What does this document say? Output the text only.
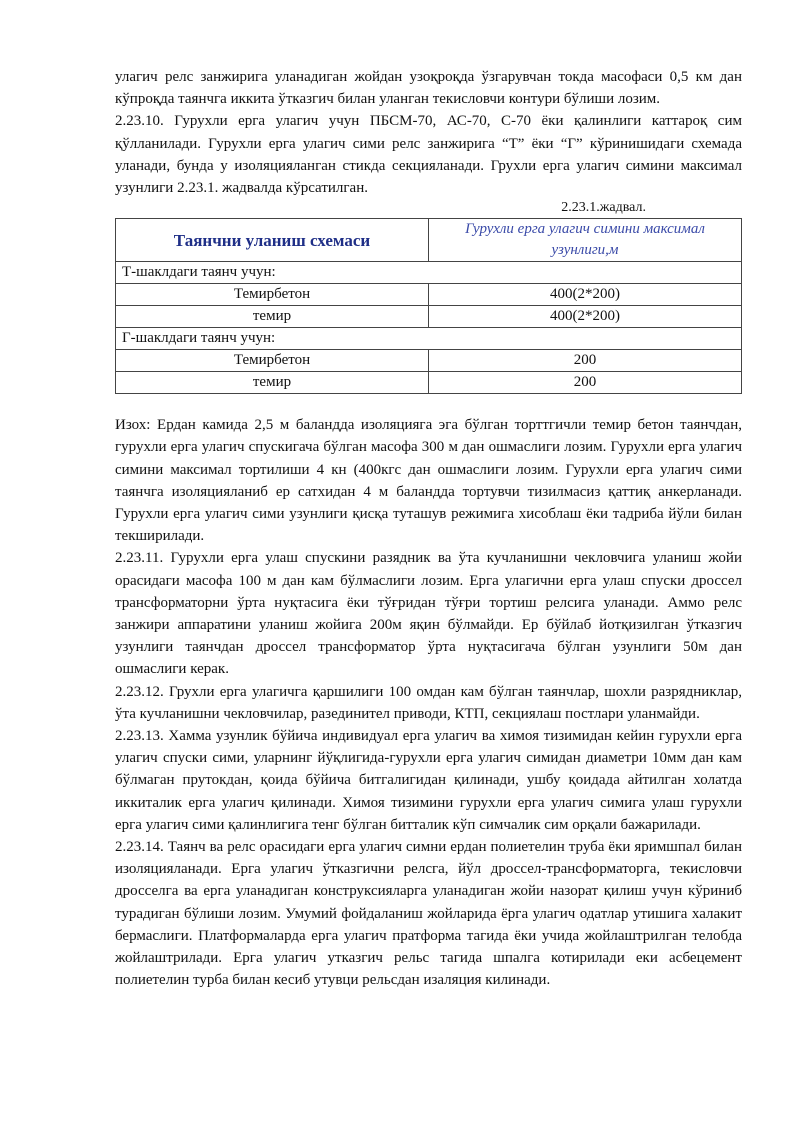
улагич релс занжирига уланадиган жойдан узоқроқда ўзгарувчан токда масофаси 0,5 км дан кўпроқда таянчга иккита ўтказгич билан уланган текисловчи контури бўлиши лозим.

2.23.10. Гурухли ерга улагич учун ПБСМ-70, АС-70, С-70 ёки қалинлиги каттароқ сим қўлланилади. Гурухли ерга улагич сими релс занжирига “Т” ёки “Г” кўринишидаги схемада уланади, бунда у изоляцияланган стикда секцияланади. Грухли ерга улагич симини максимал узунлиги 2.23.1. жадвалда кўрсатилган.

2.23.1.жадвал.
Таянчни уланиш схемаси	Гурухли ерга улагич симини максимал узунлиги,м
Т-шаклдаги таянч учун:	
Темирбетон	400(2*200)
темир	400(2*200)
Г-шаклдаги таянч учун:	
Темирбетон	200
темир	200

Изох: Ердан камида 2,5 м баландда изоляцияга эга бўлган торттгичли темир бетон таянчдан, гурухли ерга улагич спускигача бўлган масофа 300 м дан ошмаслиги лозим. Гурухли ерга улагич симини максимал тортилиши 4 кн (400кгс дан ошмаслиги лозим. Гурухли ерга улагич сими таянчга изоляцияланиб ер сатхидан 4 м баландда тортувчи тизилмасиз қаттиқ анкерланади. Гурухли ерга улагич сими узунлиги қисқа туташув режимига хисоблаш ёки тадриба йўли билан текширилади.

2.23.11. Гурухли ерга улаш спускини разядник ва ўта кучланишни чекловчига уланиш жойи орасидаги масофа 100 м дан кам бўлмаслиги лозим. Ерга улагични ерга улаш спуски дроссел трансформаторни ўрта нуқтасига ёки тўғридан тўғри тортиш релсига уланади. Аммо релс занжири аппаратини уланиш жойига 200м яқин бўлмайди. Ер бўйлаб йотқизилган ўтказгич узунлиги таянчдан дроссел трансформатор ўрта нуқтасигача бўлган узунлиги 50м дан ошмаслиги керак.

2.23.12. Грухли ерга улагичга қаршилиги 100 омдан кам бўлган таянчлар, шохли разрядниклар, ўта кучланишни чекловчилар, разединител приводи, КТП, секциялаш постлари уланмайди.

2.23.13. Хамма узунлик бўйича индивидуал ерга улагич ва химоя тизимидан кейин гурухли ерга улагич спуски сими, уларнинг йўқлигида-гурухли ерга улагич симидан диаметри 10мм дан кам бўлмаган прутокдан, қоида бўйича битгалигидан қилинади, ушбу қоидада айтилган холатда иккиталик ерга улагич қилинади. Химоя тизимини гурухли ерга улагич симига улаш гурухли ерга улагич сими қалинлигига тенг бўлган битталик кўп симчалик сим орқали бажарилади.

2.23.14. Таянч ва релс орасидаги ерга улагич симни ердан полиетелин труба ёки яримшпал билан изоляцияланади. Ерга улагич ўтказгични релсга, йўл дроссел-трансформаторга, текисловчи дросселга ва ерга уланадиган конструксияларга уланадиган жойи назорат қилиш учун кўриниб турадиган бўлиши лозим. Умумий фойдаланиш жойларида ёрга улагич одатлар утишига халакит бермаслиги. Платформаларда ерга улагич пратформа тагида ёки учида жойлаштрилган телобда жойлаштрилади. Ерга улагич утказгич рельс тагида шпалга котирилади еки асбецемент полиетелин турба билан кесиб утувци рельсдан изаляция килинади.
